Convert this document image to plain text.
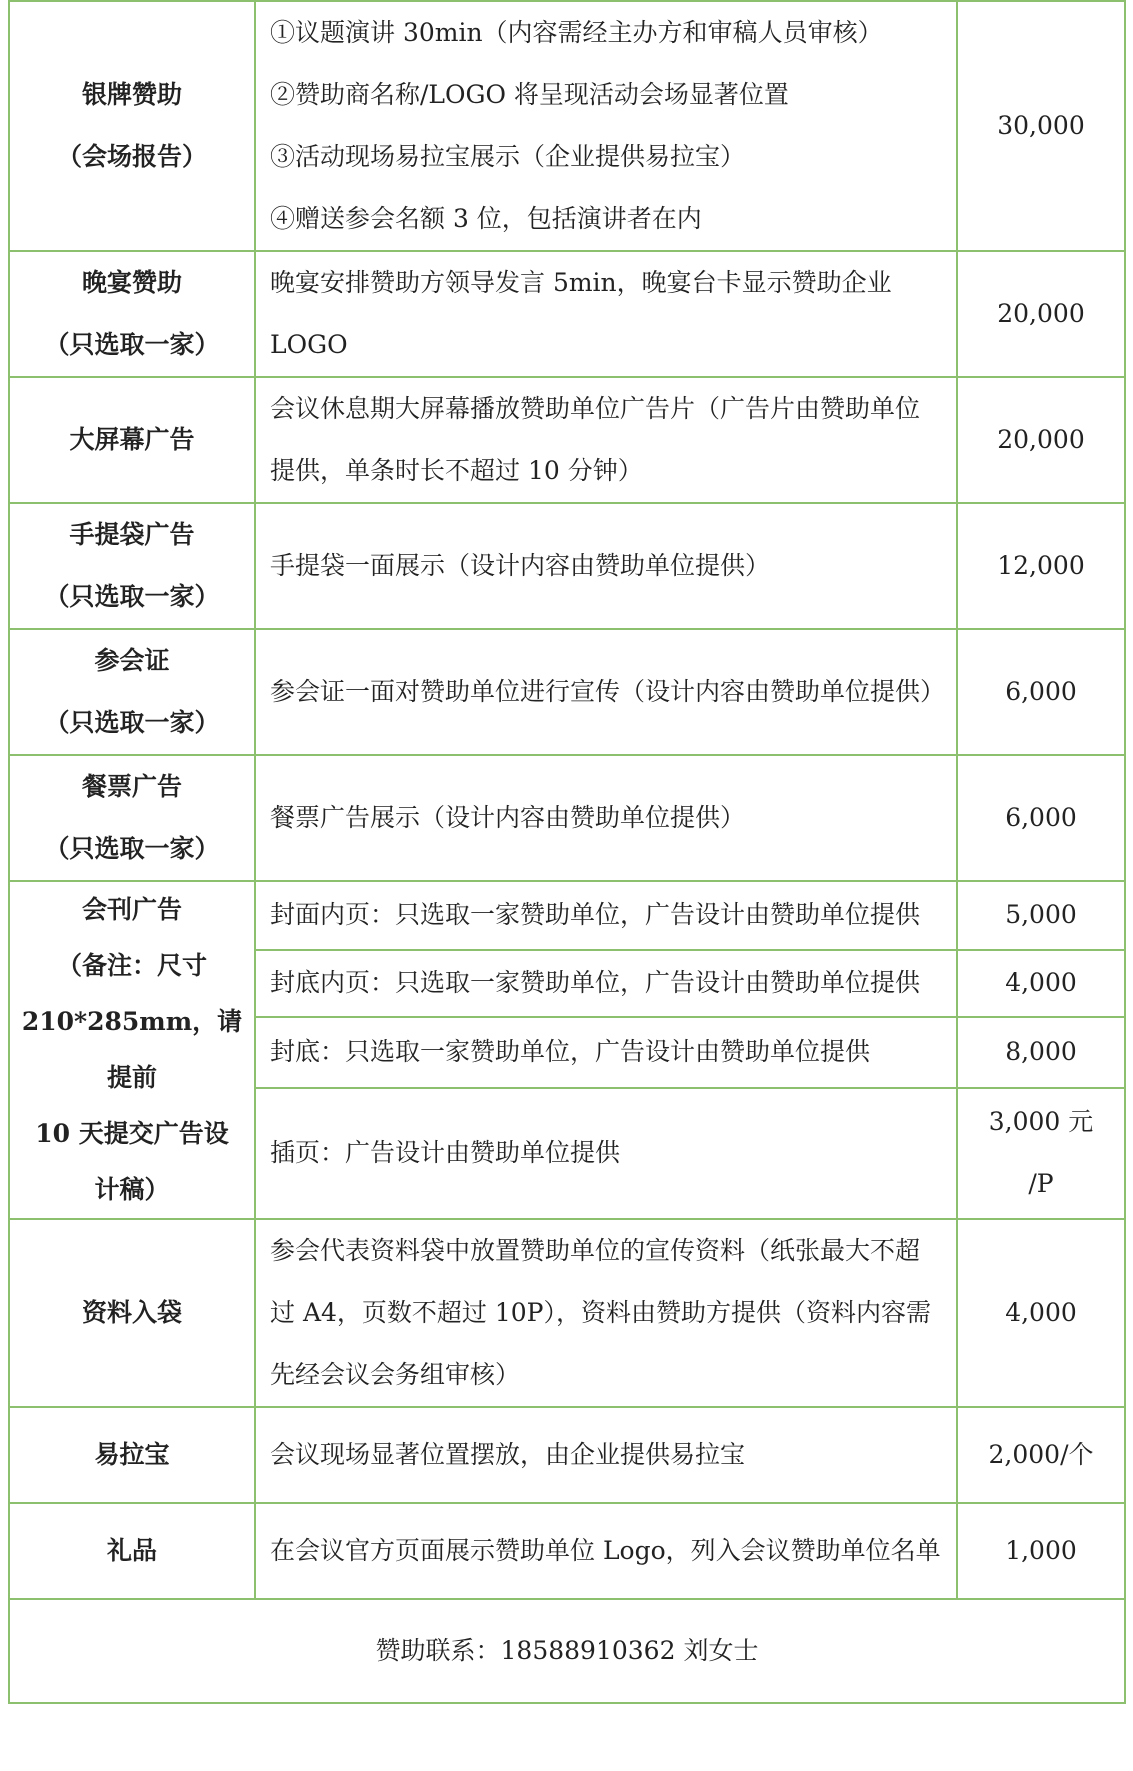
银牌赞助
（会场报告）	①议题演讲 30min（内容需经主办方和审稿人员审核）
②赞助商名称/LOGO 将呈现活动会场显著位置
③活动现场易拉宝展示（企业提供易拉宝）
④赠送参会名额 3 位，包括演讲者在内	30,000

晚宴赞助
（只选取一家）	晚宴安排赞助方领导发言 5min，晚宴台卡显示赞助企业 LOGO	20,000

大屏幕广告	会议休息期大屏幕播放赞助单位广告片（广告片由赞助单位
提供，单条时长不超过 10 分钟）	20,000

手提袋广告
（只选取一家）	手提袋一面展示（设计内容由赞助单位提供）	12,000

参会证
（只选取一家）	参会证一面对赞助单位进行宣传（设计内容由赞助单位提供）	6,000

餐票广告
（只选取一家）	餐票广告展示（设计内容由赞助单位提供）	6,000

会刊广告
（备注：尺寸
210*285mm，请提前
10 天提交广告设
计稿）	封面内页：只选取一家赞助单位，广告设计由赞助单位提供	5,000

	封底内页：只选取一家赞助单位，广告设计由赞助单位提供	4,000

	封底：只选取一家赞助单位，广告设计由赞助单位提供	8,000

	插页：广告设计由赞助单位提供	3,000 元
/P

资料入袋	参会代表资料袋中放置赞助单位的宣传资料（纸张最大不超
过 A4，页数不超过 10P），资料由赞助方提供（资料内容需
先经会议会务组审核）	4,000

易拉宝	会议现场显著位置摆放，由企业提供易拉宝	2,000/个

礼品	在会议官方页面展示赞助单位 Logo，列入会议赞助单位名单	1,000

赞助联系：18588910362 刘女士		
